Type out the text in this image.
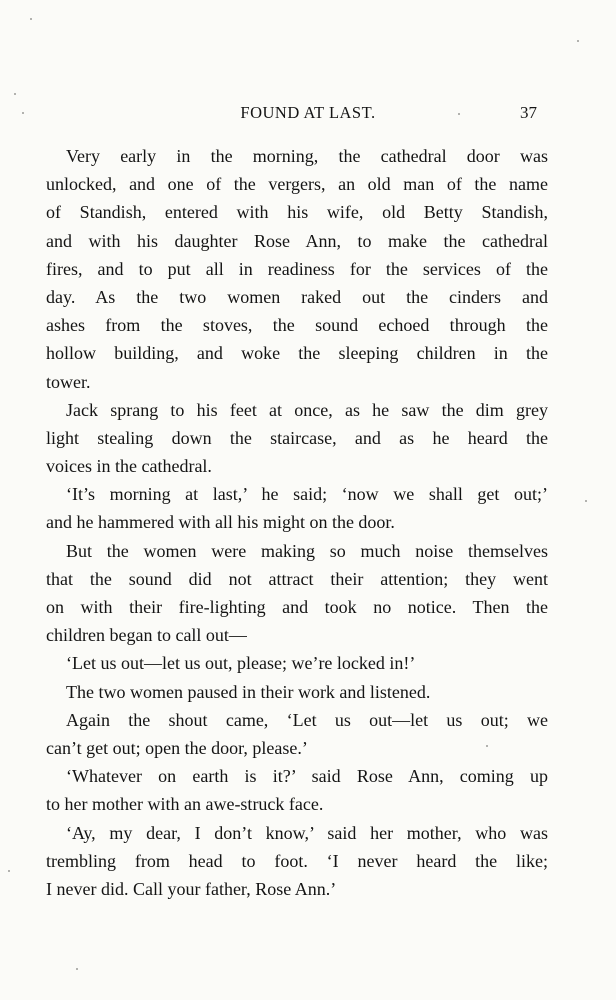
FOUND AT LAST.	37
Very early in the morning, the cathedral door was
unlocked, and one of the vergers, an old man of the name
of Standish, entered with his wife, old Betty Standish,
and with his daughter Rose Ann, to make the cathedral
fires, and to put all in readiness for the services of the
day. As the two women raked out the cinders and
ashes from the stoves, the sound echoed through the
hollow building, and woke the sleeping children in the
tower.
Jack sprang to his feet at once, as he saw the dim grey
light stealing down the staircase, and as he heard the
voices in the cathedral.
‘It’s morning at last,’ he said; ‘now we shall get out;’
and he hammered with all his might on the door.
But the women were making so much noise themselves
that the sound did not attract their attention; they went
on with their fire-lighting and took no notice. Then the
children began to call out—
‘Let us out—let us out, please; we’re locked in!’
The two women paused in their work and listened.
Again the shout came, ‘Let us out—let us out; we
can’t get out; open the door, please.’
‘Whatever on earth is it?’ said Rose Ann, coming up
to her mother with an awe-struck face.
‘Ay, my dear, I don’t know,’ said her mother, who was
trembling from head to foot. ‘I never heard the like;
I never did. Call your father, Rose Ann.’
